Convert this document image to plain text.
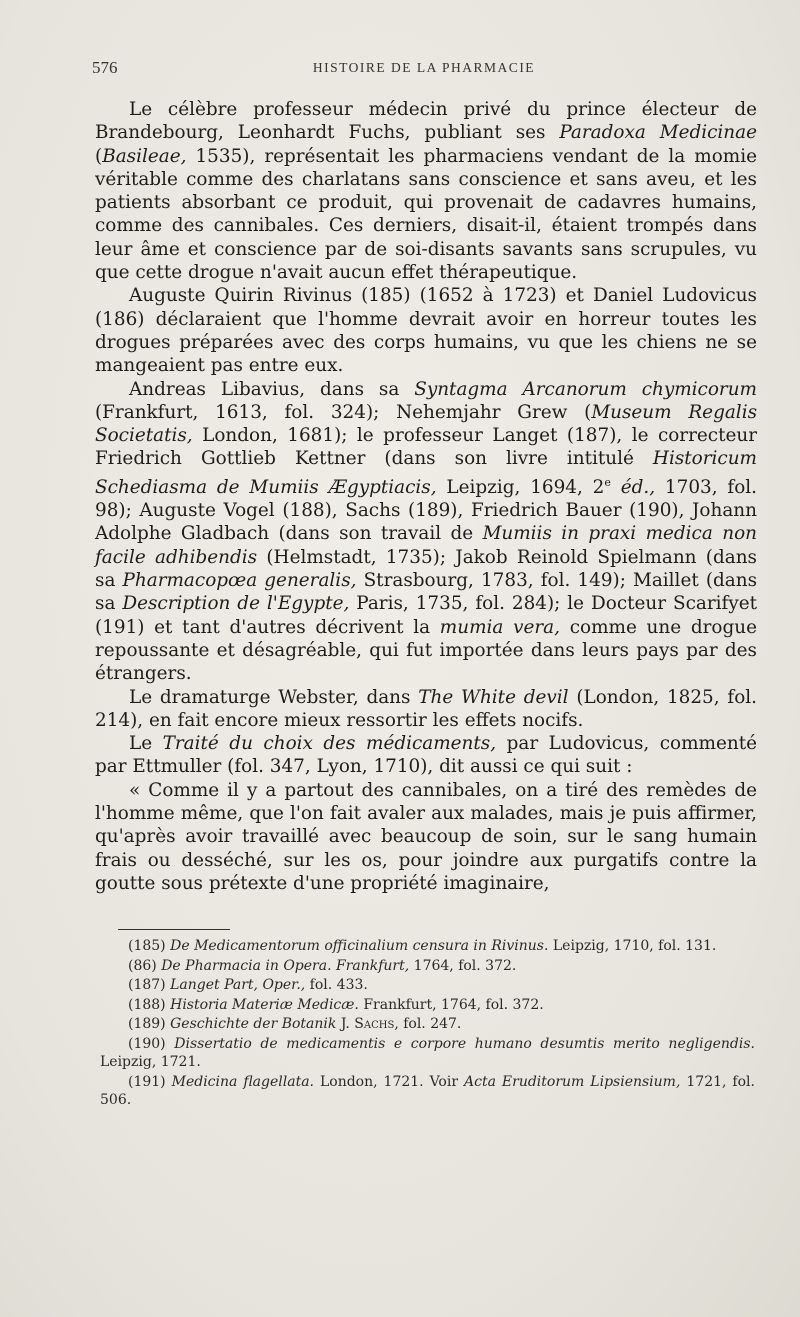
576	HISTOIRE DE LA PHARMACIE

Le célèbre professeur médecin privé du prince électeur de Brandebourg, Leonhardt Fuchs, publiant ses Paradoxa Medicinae (Basileae, 1535), représentait les pharmaciens vendant de la momie véritable comme des charlatans sans conscience et sans aveu, et les patients absorbant ce produit, qui provenait de cadavres humains, comme des cannibales. Ces derniers, disait-il, étaient trompés dans leur âme et conscience par de soi-disants savants sans scrupules, vu que cette drogue n'avait aucun effet thérapeutique.

Auguste Quirin Rivinus (185) (1652 à 1723) et Daniel Ludovicus (186) déclaraient que l'homme devrait avoir en horreur toutes les drogues préparées avec des corps humains, vu que les chiens ne se mangeaient pas entre eux.

Andreas Libavius, dans sa Syntagma Arcanorum chymicorum (Frankfurt, 1613, fol. 324); Nehemjahr Grew (Museum Regalis Societatis, London, 1681); le professeur Langet (187), le correcteur Friedrich Gottlieb Kettner (dans son livre intitulé Historicum Schediasma de Mumiis Ægyptiacis, Leipzig, 1694, 2e éd., 1703, fol. 98); Auguste Vogel (188), Sachs (189), Friedrich Bauer (190), Johann Adolphe Gladbach (dans son travail de Mumiis in praxi medica non facile adhibendis (Helmstadt, 1735); Jakob Reinold Spielmann (dans sa Pharmacopœa generalis, Strasbourg, 1783, fol. 149); Maillet (dans sa Description de l'Egypte, Paris, 1735, fol. 284); le Docteur Scarifyet (191) et tant d'autres décrivent la mumia vera, comme une drogue repoussante et désagréable, qui fut importée dans leurs pays par des étrangers.

Le dramaturge Webster, dans The White devil (London, 1825, fol. 214), en fait encore mieux ressortir les effets nocifs.

Le Traité du choix des médicaments, par Ludovicus, commenté par Ettmuller (fol. 347, Lyon, 1710), dit aussi ce qui suit :

« Comme il y a partout des cannibales, on a tiré des remèdes de l'homme même, que l'on fait avaler aux malades, mais je puis affirmer, qu'après avoir travaillé avec beaucoup de soin, sur le sang humain frais ou desséché, sur les os, pour joindre aux purgatifs contre la goutte sous prétexte d'une propriété imaginaire,

(185) De Medicamentorum officinalium censura in Rivinus. Leipzig, 1710, fol. 131.

(86) De Pharmacia in Opera. Frankfurt, 1764, fol. 372.

(187) Langet Part, Oper., fol. 433.

(188) Historia Materiæ Medicæ. Frankfurt, 1764, fol. 372.

(189) Geschichte der Botanik J. Sachs, fol. 247.

(190) Dissertatio de medicamentis e corpore humano desumtis merito negligendis. Leipzig, 1721.

(191) Medicina flagellata. London, 1721. Voir Acta Eruditorum Lipsiensium, 1721, fol. 506.
